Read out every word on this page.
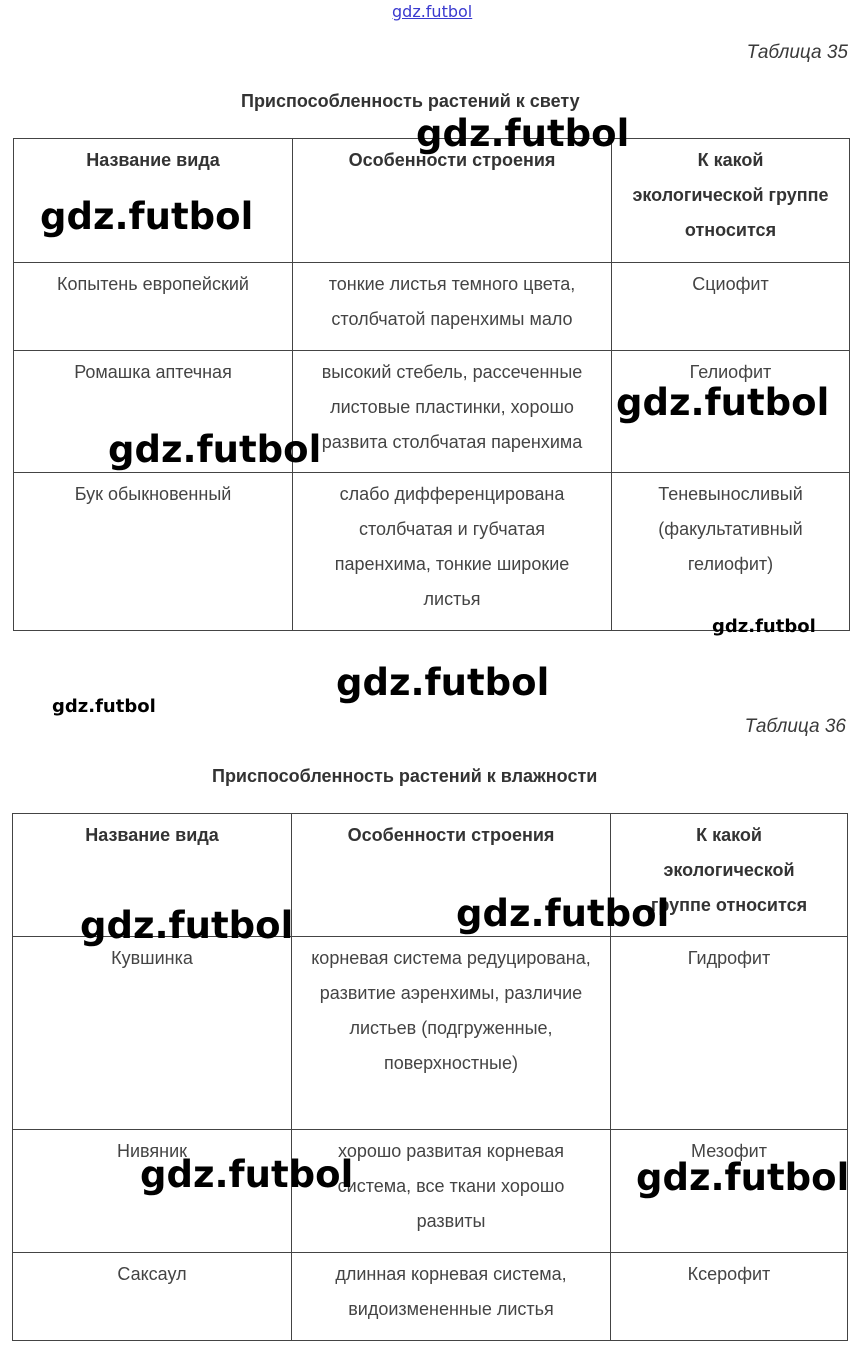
gdz.futbol
Таблица 35
Приспособленность растений к свету
Название вида	Особенности строения	К какой экологической группе относится

Копытень европейский	тонкие листья темного цвета, столбчатой паренхимы мало	Сциофит

Ромашка аптечная	высокий стебель, рассеченные листовые пластинки, хорошо развита столбчатая паренхима	Гелиофит

Бук обыкновенный	слабо дифференцирована столбчатая и губчатая паренхима, тонкие широкие листья	Теневыносливый (факультативный гелиофит)
Таблица 36
Приспособленность растений к влажности
Название вида	Особенности строения	К какой экологической группе относится

Кувшинка	корневая система редуцирована, развитие аэренхимы, различие листьев (подгруженные, поверхностные)	Гидрофит

Нивяник	хорошо развитая корневая система, все ткани хорошо развиты	Мезофит

Саксаул	длинная корневая система, видоизмененные листья	Ксерофит
gdz.futbol
gdz.futbol
gdz.futbol
gdz.futbol
gdz.futbol
gdz.futbol
gdz.futbol
gdz.futbol
gdz.futbol
gdz.futbol	gdz.futbol
